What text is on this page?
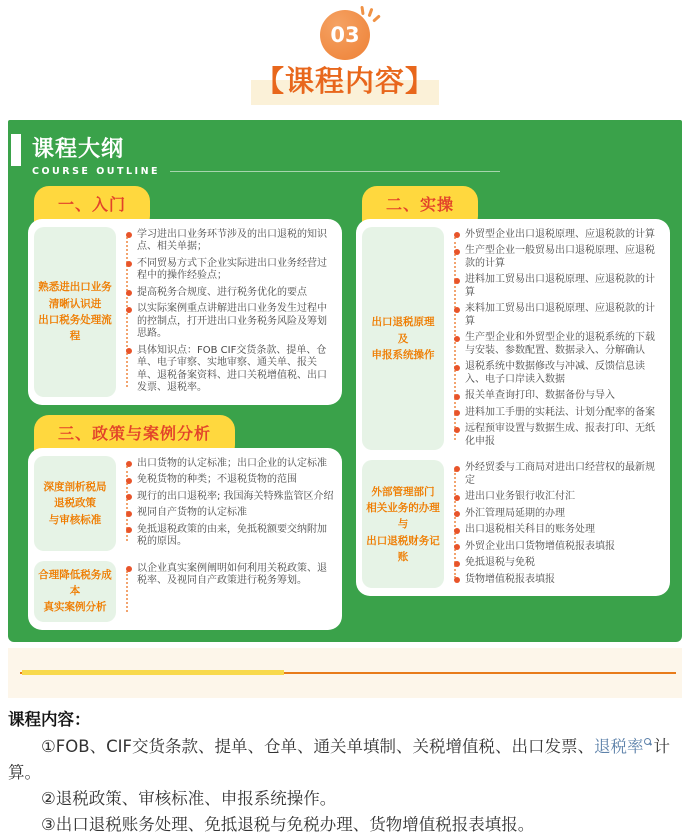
03
【课程内容】
课程大纲
COURSE OUTLINE
一、入门
熟悉进出口业务
清晰认识进
出口税务处理流程
学习进出口业务环节涉及的出口退税的知识点、相关单据；
不同贸易方式下企业实际进出口业务经营过程中的操作经验点；
提高税务合规度、进行税务优化的要点
以实际案例重点讲解进出口业务发生过程中的控制点，打开进出口业务税务风险及筹划思路。
具体知识点：FOB CIF交货条款、提单、仓单、电子审察、实地审察、通关单、报关单、退税备案资料、进口关税增值税、出口发票、退税率。
三、政策与案例分析
深度剖析税局
退税政策
与审核标准
出口货物的认定标准；出口企业的认定标准
免税货物的种类；不退税货物的范围
现行的出口退税率; 我国海关特殊监管区介绍
视同自产货物的认定标准
免抵退税政策的由来，免抵税额要交纳附加税的原因。
合理降低税务成本
真实案例分析
以企业真实案例阐明如何利用关税政策、退税率、及视同自产政策进行税务筹划。
二、实操
出口退税原理
及
申报系统操作
外贸型企业出口退税原理、应退税款的计算
生产型企业一般贸易出口退税原理、应退税款的计算
进料加工贸易出口退税原理、应退税款的计算
来料加工贸易出口退税原理、应退税款的计算
生产型企业和外贸型企业的退税系统的下载与安装、参数配置、数据录入、分解确认
退税系统中数据修改与冲减、反馈信息读入、电子口岸读入数据
报关单查询打印、数据备份与导入
进料加工手册的实耗法、计划分配率的备案
远程预审设置与数据生成、报表打印、无纸化申报
外部管理部门
相关业务的办理
与
出口退税财务记账
外经贸委与工商局对进出口经营权的最新规定
进出口业务银行收汇付汇
外汇管理局延期的办理
出口退税相关科目的账务处理
外贸企业出口货物增值税报表填报
免抵退税与免税
货物增值税报表填报

课程内容：

①FOB、CIF交货条款、提单、仓单、通关单填制、关税增值税、出口发票、退税率 计算。

②退税政策、审核标准、申报系统操作。

③出口退税账务处理、免抵退税与免税办理、货物增值税报表填报。
